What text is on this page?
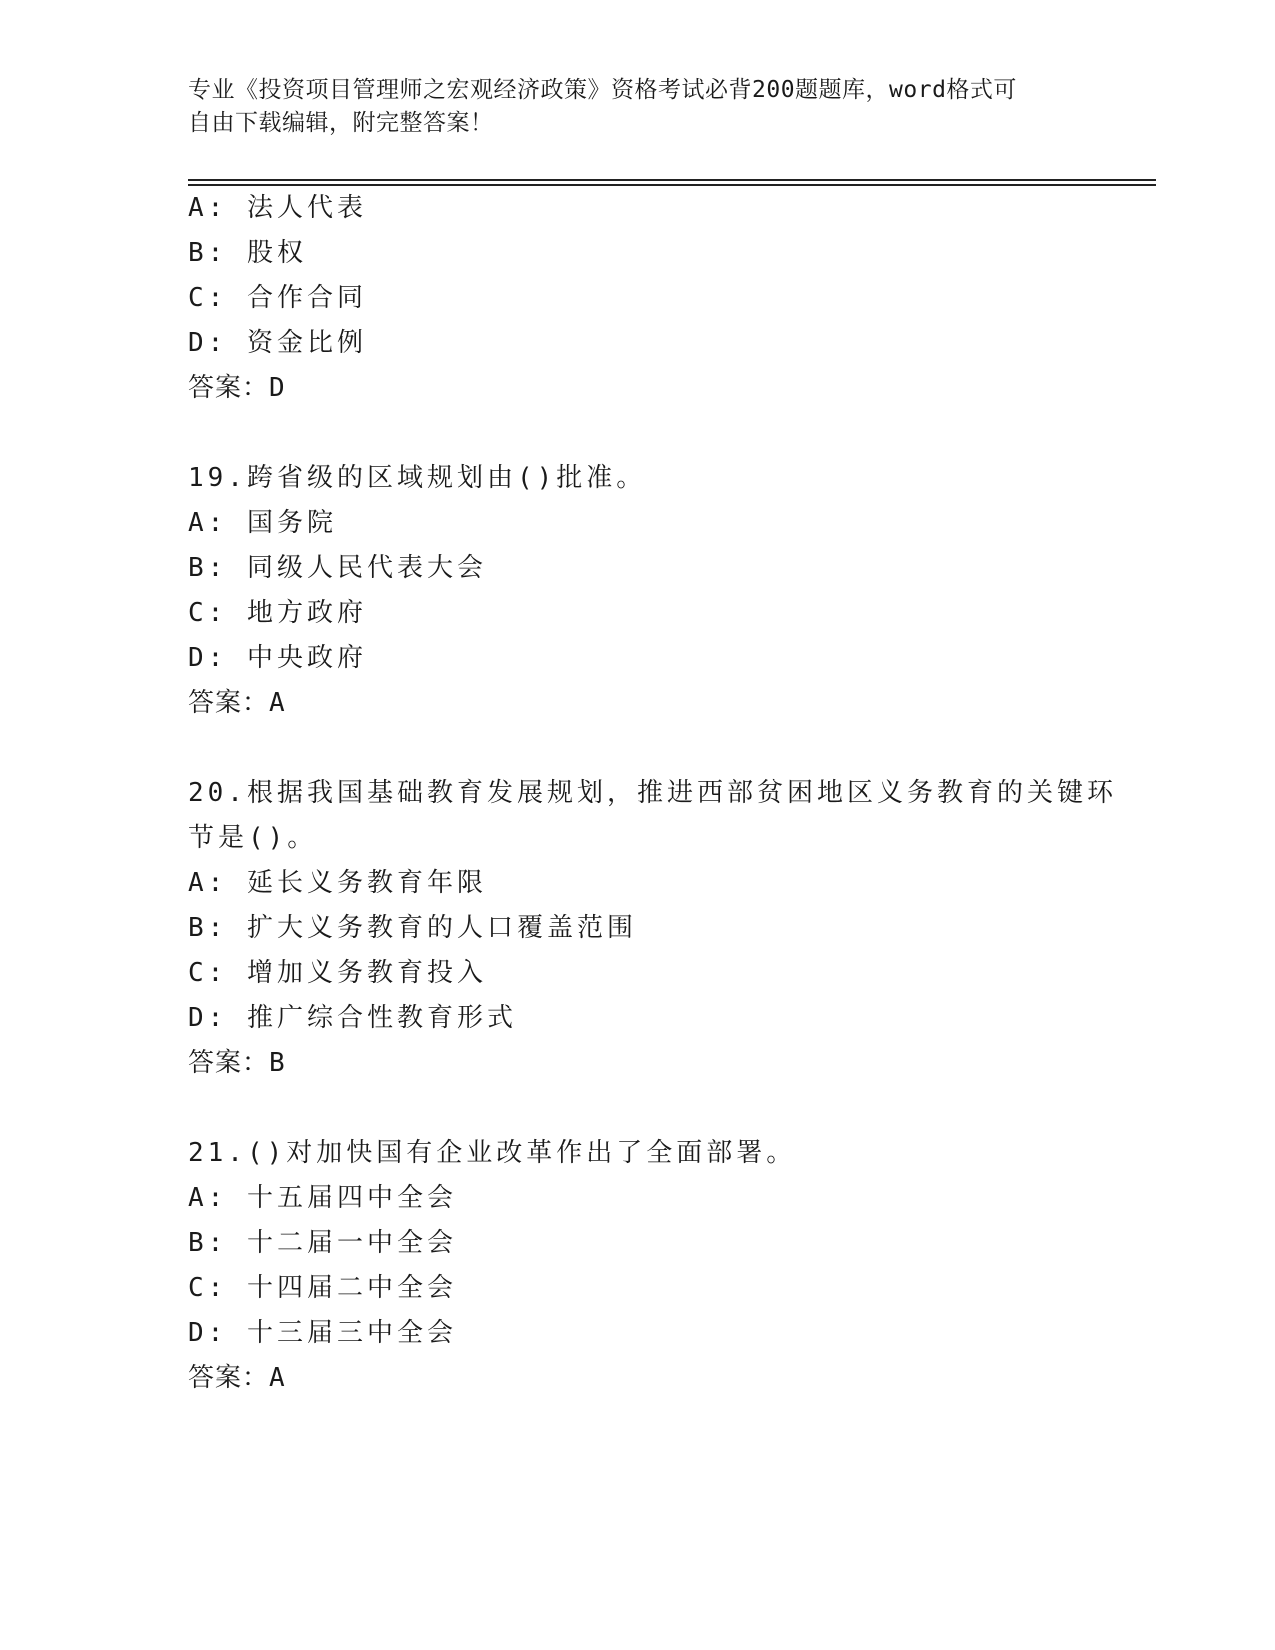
专业《投资项目管理师之宏观经济政策》资格考试必背200题题库，word格式可
自由下载编辑，附完整答案！
A: 法人代表
B: 股权
C: 合作合同
D: 资金比例
答案：D
19.跨省级的区域规划由()批准。
A: 国务院
B: 同级人民代表大会
C: 地方政府
D: 中央政府
答案：A
20.根据我国基础教育发展规划，推进西部贫困地区义务教育的关键环
节是()。
A: 延长义务教育年限
B: 扩大义务教育的人口覆盖范围
C: 增加义务教育投入
D: 推广综合性教育形式
答案：B
21.()对加快国有企业改革作出了全面部署。
A: 十五届四中全会
B: 十二届一中全会
C: 十四届二中全会
D: 十三届三中全会
答案：A
